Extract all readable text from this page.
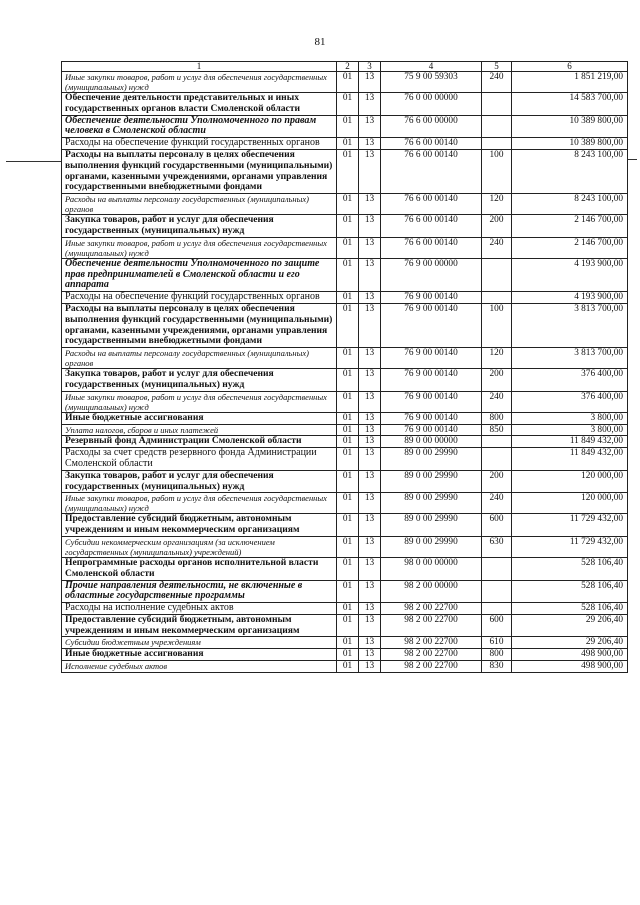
81
1	2	3	4	5	6
Иные закупки товаров, работ и услуг для обеспечения государственных (муниципальных) нужд	01	13	75 9 00 59303	240	1 851 219,00
Обеспечение деятельности представительных и иных государственных органов власти Смоленской области	01	13	76 0 00 00000		14 583 700,00
Обеспечение деятельности Уполномоченного по правам человека в Смоленской области	01	13	76 6 00 00000		10 389 800,00
Расходы на обеспечение функций государственных органов	01	13	76 6 00 00140		10 389 800,00
Расходы на выплаты персоналу в целях обеспечения выполнения функций государственными (муниципальными) органами, казенными учреждениями, органами управления государственными внебюджетными фондами	01	13	76 6 00 00140	100	8 243 100,00
Расходы на выплаты персоналу государственных (муниципальных) органов	01	13	76 6 00 00140	120	8 243 100,00
Закупка товаров, работ и услуг для обеспечения государственных (муниципальных) нужд	01	13	76 6 00 00140	200	2 146 700,00
Иные закупки товаров, работ и услуг для обеспечения государственных (муниципальных) нужд	01	13	76 6 00 00140	240	2 146 700,00
Обеспечение деятельности Уполномоченного по защите прав предпринимателей в Смоленской области и его аппарата	01	13	76 9 00 00000		4 193 900,00
Расходы на обеспечение функций государственных органов	01	13	76 9 00 00140		4 193 900,00
Расходы на выплаты персоналу в целях обеспечения выполнения функций государственными (муниципальными) органами, казенными учреждениями, органами управления государственными внебюджетными фондами	01	13	76 9 00 00140	100	3 813 700,00
Расходы на выплаты персоналу государственных (муниципальных) органов	01	13	76 9 00 00140	120	3 813 700,00
Закупка товаров, работ и услуг для обеспечения государственных (муниципальных) нужд	01	13	76 9 00 00140	200	376 400,00
Иные закупки товаров, работ и услуг для обеспечения государственных (муниципальных) нужд	01	13	76 9 00 00140	240	376 400,00
Иные бюджетные ассигнования	01	13	76 9 00 00140	800	3 800,00
Уплата налогов, сборов и иных платежей	01	13	76 9 00 00140	850	3 800,00
Резервный фонд Администрации Смоленской области	01	13	89 0 00 00000		11 849 432,00
Расходы за счет средств резервного фонда Администрации Смоленской области	01	13	89 0 00 29990		11 849 432,00
Закупка товаров, работ и услуг для обеспечения государственных (муниципальных) нужд	01	13	89 0 00 29990	200	120 000,00
Иные закупки товаров, работ и услуг для обеспечения государственных (муниципальных) нужд	01	13	89 0 00 29990	240	120 000,00
Предоставление субсидий бюджетным, автономным учреждениям и иным некоммерческим организациям	01	13	89 0 00 29990	600	11 729 432,00
Субсидии некоммерческим организациям (за исключением государственных (муниципальных) учреждений)	01	13	89 0 00 29990	630	11 729 432,00
Непрограммные расходы органов исполнительной власти Смоленской области	01	13	98 0 00 00000		528 106,40
Прочие направления деятельности, не включенные в областные государственные программы	01	13	98 2 00 00000		528 106,40
Расходы на исполнение судебных актов	01	13	98 2 00 22700		528 106,40
Предоставление субсидий бюджетным, автономным учреждениям и иным некоммерческим организациям	01	13	98 2 00 22700	600	29 206,40
Субсидии бюджетным учреждениям	01	13	98 2 00 22700	610	29 206,40
Иные бюджетные ассигнования	01	13	98 2 00 22700	800	498 900,00
Исполнение судебных актов	01	13	98 2 00 22700	830	498 900,00
